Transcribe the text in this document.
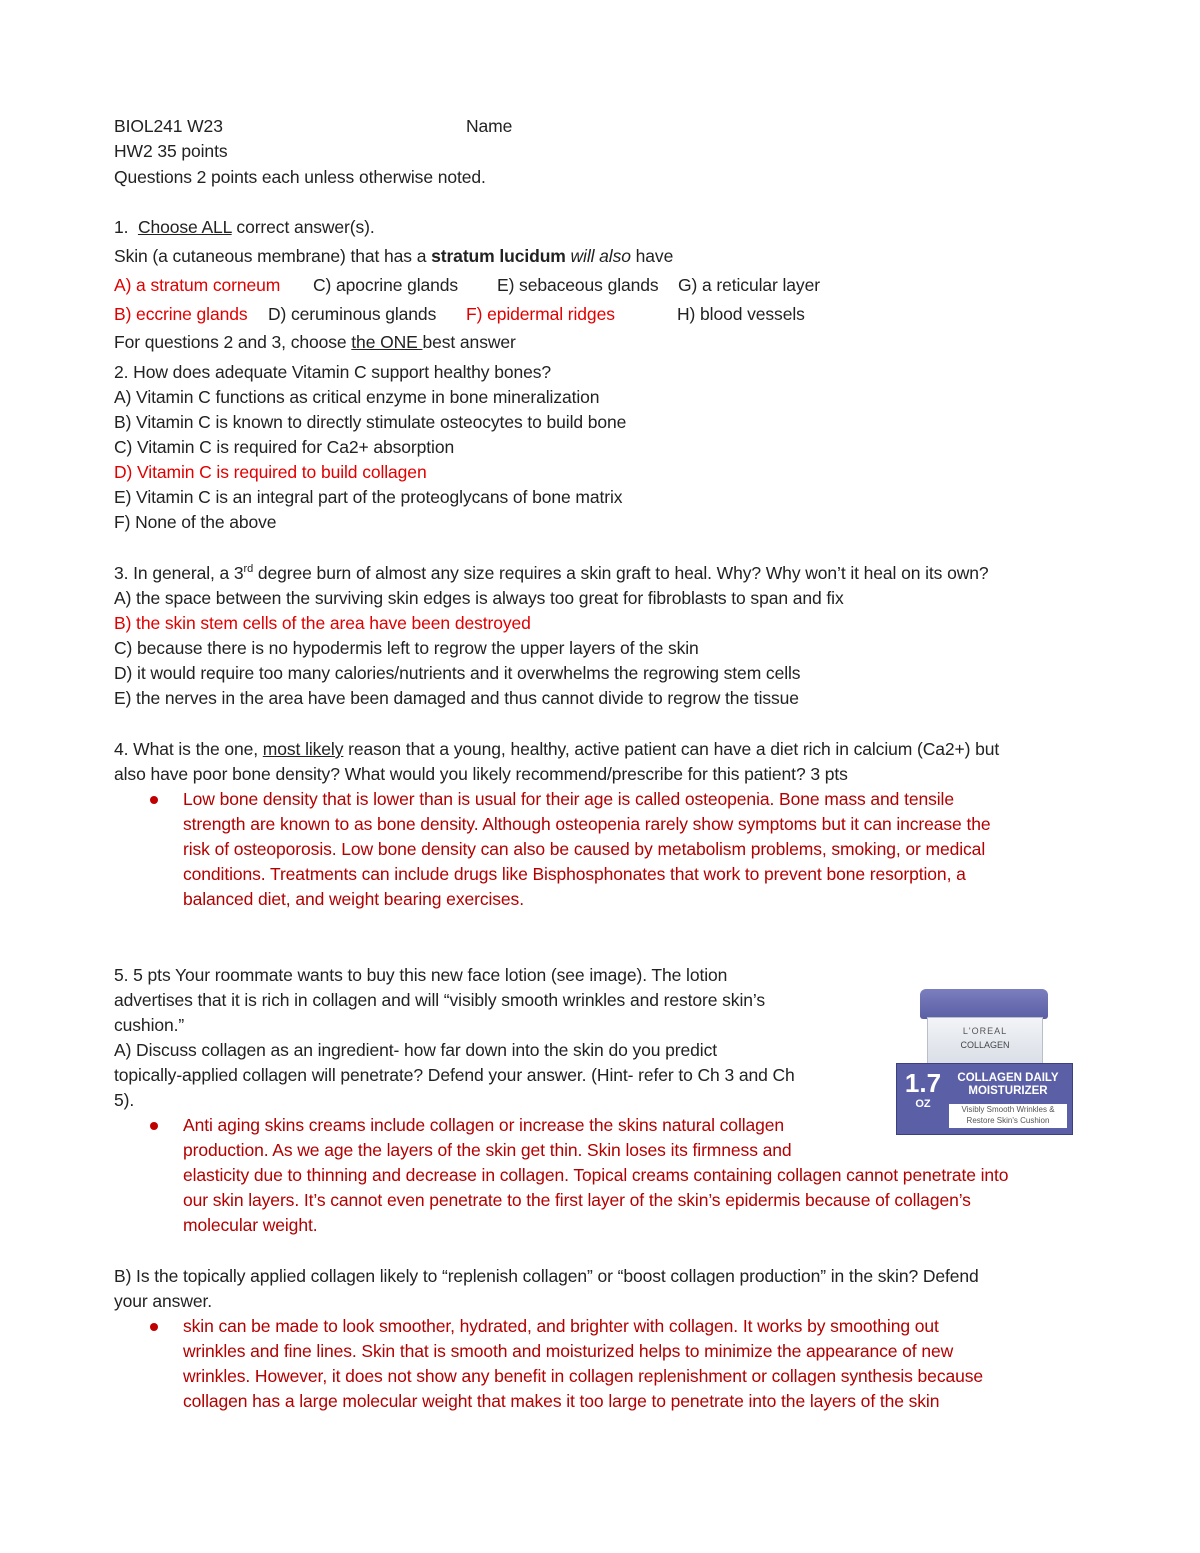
BIOL241 W23	Name
HW2 35 points
Questions 2 points each unless otherwise noted.
1. Choose ALL correct answer(s).
Skin (a cutaneous membrane) that has a stratum lucidum will also have
A) a stratum corneum C) apocrine glands E) sebaceous glands G) a reticular layer
B) eccrine glands D) ceruminous glands F) epidermal ridges	H) blood vessels
For questions 2 and 3, choose the ONE best answer
2. How does adequate Vitamin C support healthy bones?
A) Vitamin C functions as critical enzyme in bone mineralization
B) Vitamin C is known to directly stimulate osteocytes to build bone
C) Vitamin C is required for Ca2+ absorption
D) Vitamin C is required to build collagen
E) Vitamin C is an integral part of the proteoglycans of bone matrix
F) None of the above
3. In general, a 3rd degree burn of almost any size requires a skin graft to heal. Why? Why won’t it heal on its own?
A) the space between the surviving skin edges is always too great for fibroblasts to span and fix
B) the skin stem cells of the area have been destroyed
C) because there is no hypodermis left to regrow the upper layers of the skin
D) it would require too many calories/nutrients and it overwhelms the regrowing stem cells
E) the nerves in the area have been damaged and thus cannot divide to regrow the tissue
4. What is the one, most likely reason that a young, healthy, active patient can have a diet rich in calcium (Ca2+) but
also have poor bone density? What would you likely recommend/prescribe for this patient? 3 pts
Low bone density that is lower than is usual for their age is called osteopenia. Bone mass and tensile
strength are known to as bone density. Although osteopenia rarely show symptoms but it can increase the
risk of osteoporosis. Low bone density can also be caused by metabolism problems, smoking, or medical
conditions. Treatments can include drugs like Bisphosphonates that work to prevent bone resorption, a
balanced diet, and weight bearing exercises.
5. 5 pts Your roommate wants to buy this new face lotion (see image). The lotion
advertises that it is rich in collagen and will “visibly smooth wrinkles and restore skin’s
cushion.”
A) Discuss collagen as an ingredient- how far down into the skin do you predict
topically-applied collagen will penetrate? Defend your answer. (Hint- refer to Ch 3 and Ch
5).
Anti aging skins creams include collagen or increase the skins natural collagen
production. As we age the layers of the skin get thin. Skin loses its firmness and
elasticity due to thinning and decrease in collagen. Topical creams containing collagen cannot penetrate into
our skin layers. It’s cannot even penetrate to the first layer of the skin’s epidermis because of collagen’s
molecular weight.
B) Is the topically applied collagen likely to “replenish collagen” or “boost collagen production” in the skin? Defend
your answer.
skin can be made to look smoother, hydrated, and brighter with collagen. It works by smoothing out
wrinkles and fine lines. Skin that is smooth and moisturized helps to minimize the appearance of new
wrinkles. However, it does not show any benefit in collagen replenishment or collagen synthesis because
collagen has a large molecular weight that makes it too large to penetrate into the layers of the skin
L'OREAL
COLLAGEN
1.7
OZ
COLLAGEN DAILY MOISTURIZER
Visibly Smooth Wrinkles & Restore Skin's Cushion
